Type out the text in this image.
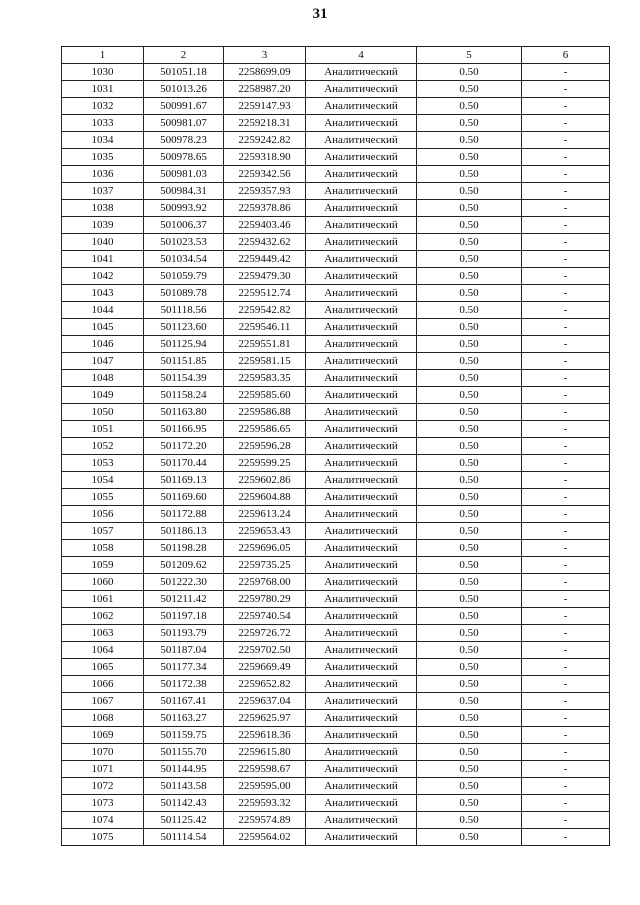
31
1	2	3	4	5	6
1030	501051.18	2258699.09	Аналитический	0.50	-
1031	501013.26	2258987.20	Аналитический	0.50	-
1032	500991.67	2259147.93	Аналитический	0.50	-
1033	500981.07	2259218.31	Аналитический	0.50	-
1034	500978.23	2259242.82	Аналитический	0.50	-
1035	500978.65	2259318.90	Аналитический	0.50	-
1036	500981.03	2259342.56	Аналитический	0.50	-
1037	500984.31	2259357.93	Аналитический	0.50	-
1038	500993.92	2259378.86	Аналитический	0.50	-
1039	501006.37	2259403.46	Аналитический	0.50	-
1040	501023.53	2259432.62	Аналитический	0.50	-
1041	501034.54	2259449.42	Аналитический	0.50	-
1042	501059.79	2259479.30	Аналитический	0.50	-
1043	501089.78	2259512.74	Аналитический	0.50	-
1044	501118.56	2259542.82	Аналитический	0.50	-
1045	501123.60	2259546.11	Аналитический	0.50	-
1046	501125.94	2259551.81	Аналитический	0.50	-
1047	501151.85	2259581.15	Аналитический	0.50	-
1048	501154.39	2259583.35	Аналитический	0.50	-
1049	501158.24	2259585.60	Аналитический	0.50	-
1050	501163.80	2259586.88	Аналитический	0.50	-
1051	501166.95	2259586.65	Аналитический	0.50	-
1052	501172.20	2259596.28	Аналитический	0.50	-
1053	501170.44	2259599.25	Аналитический	0.50	-
1054	501169.13	2259602.86	Аналитический	0.50	-
1055	501169.60	2259604.88	Аналитический	0.50	-
1056	501172.88	2259613.24	Аналитический	0.50	-
1057	501186.13	2259653.43	Аналитический	0.50	-
1058	501198.28	2259696.05	Аналитический	0.50	-
1059	501209.62	2259735.25	Аналитический	0.50	-
1060	501222.30	2259768.00	Аналитический	0.50	-
1061	501211.42	2259780.29	Аналитический	0.50	-
1062	501197.18	2259740.54	Аналитический	0.50	-
1063	501193.79	2259726.72	Аналитический	0.50	-
1064	501187.04	2259702.50	Аналитический	0.50	-
1065	501177.34	2259669.49	Аналитический	0.50	-
1066	501172.38	2259652.82	Аналитический	0.50	-
1067	501167.41	2259637.04	Аналитический	0.50	-
1068	501163.27	2259625.97	Аналитический	0.50	-
1069	501159.75	2259618.36	Аналитический	0.50	-
1070	501155.70	2259615.80	Аналитический	0.50	-
1071	501144.95	2259598.67	Аналитический	0.50	-
1072	501143.58	2259595.00	Аналитический	0.50	-
1073	501142.43	2259593.32	Аналитический	0.50	-
1074	501125.42	2259574.89	Аналитический	0.50	-
1075	501114.54	2259564.02	Аналитический	0.50	-
